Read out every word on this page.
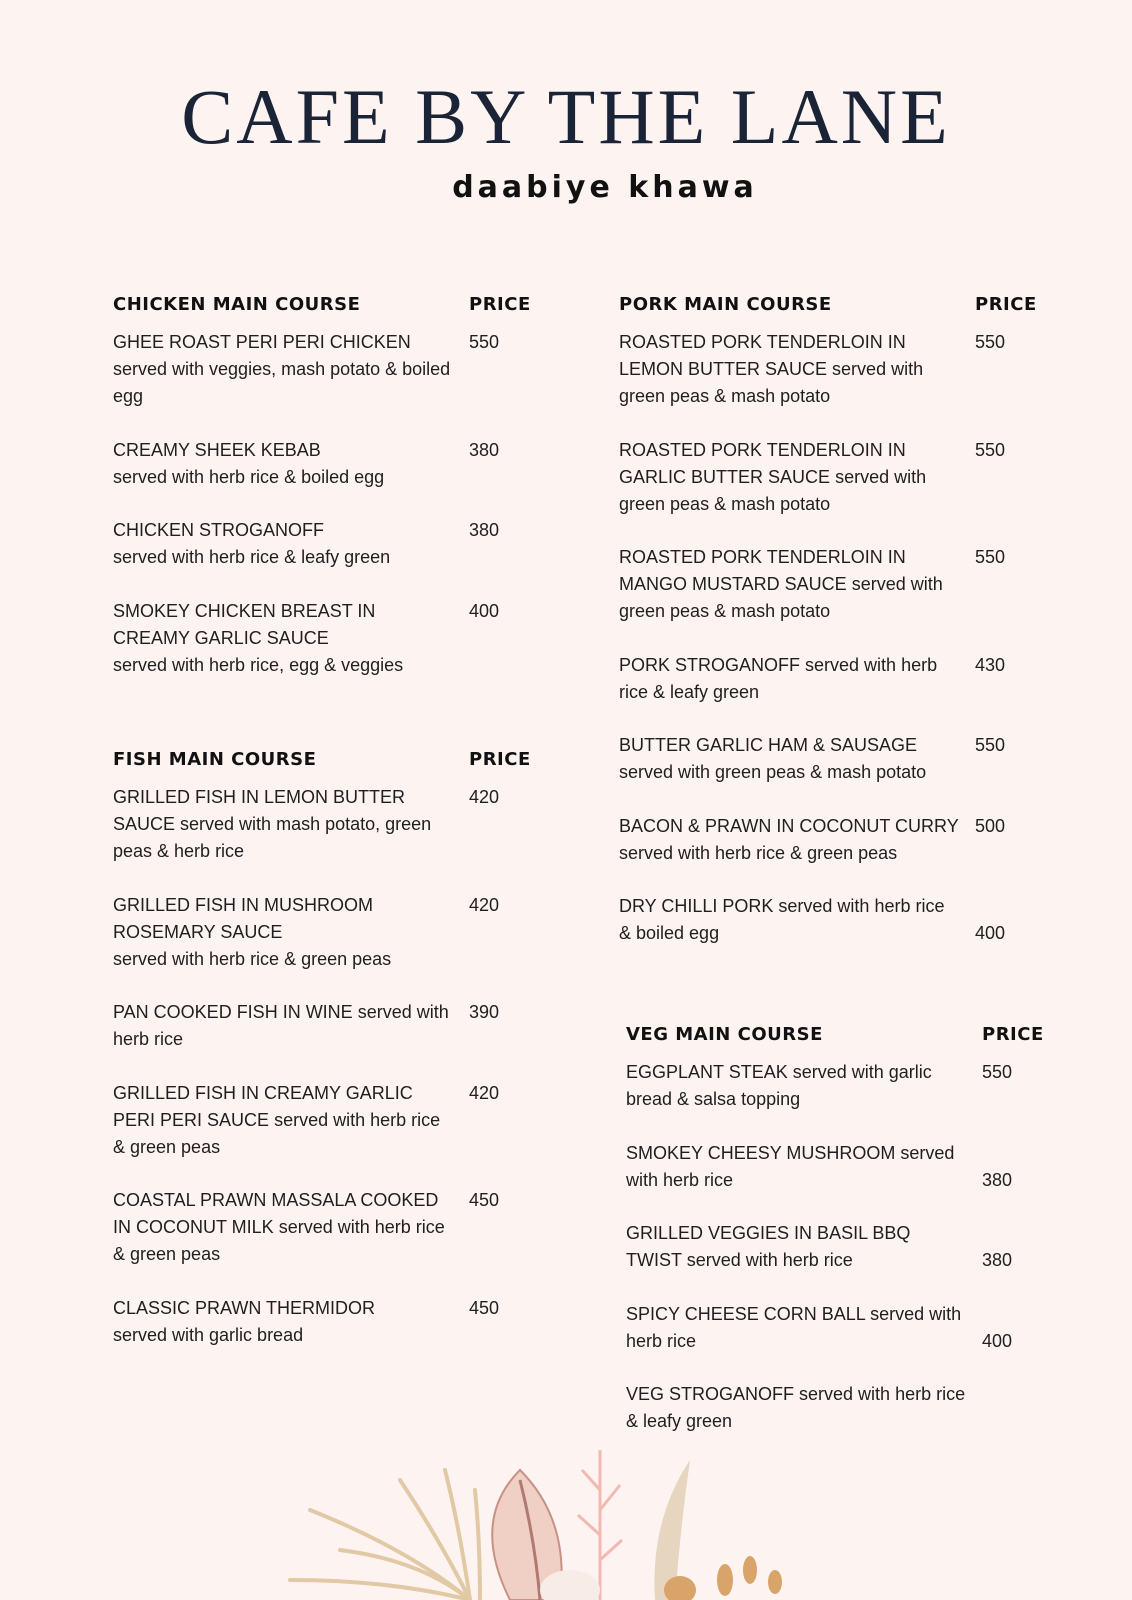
CAFE BY THE LANE
daabiye khawa
CHICKEN MAIN COURSE	PRICE
GHEE ROAST PERI PERI CHICKEN
served with veggies, mash potato & boiled egg
550
CREAMY SHEEK KEBAB
served with herb rice & boiled egg
380
CHICKEN STROGANOFF
served with herb rice & leafy green
380
SMOKEY CHICKEN BREAST IN CREAMY GARLIC SAUCE
served with herb rice, egg & veggies
400
FISH MAIN COURSE	PRICE
GRILLED FISH IN LEMON BUTTER SAUCE served with mash potato, green peas & herb rice
420
GRILLED FISH IN MUSHROOM ROSEMARY SAUCE
served with herb rice & green peas
420
PAN COOKED FISH IN WINE served with herb rice
390
GRILLED FISH IN CREAMY GARLIC PERI PERI SAUCE served with herb rice & green peas
420
COASTAL PRAWN MASSALA COOKED IN COCONUT MILK served with herb rice & green peas
450
CLASSIC PRAWN THERMIDOR
served with garlic bread
450
PORK MAIN COURSE	PRICE
ROASTED PORK TENDERLOIN IN LEMON BUTTER SAUCE served with green peas & mash potato
550
ROASTED PORK TENDERLOIN IN GARLIC BUTTER SAUCE served with green peas & mash potato
550
ROASTED PORK TENDERLOIN IN MANGO MUSTARD SAUCE served with green peas & mash potato
550
PORK STROGANOFF served with herb rice & leafy green
430
BUTTER GARLIC HAM & SAUSAGE served with green peas & mash potato
550
BACON & PRAWN IN COCONUT CURRY served with herb rice & green peas
500
DRY CHILLI PORK served with herb rice & boiled egg	400
VEG MAIN COURSE	PRICE
EGGPLANT STEAK served with garlic bread & salsa topping
550
SMOKEY CHEESY MUSHROOM served with herb rice	380
GRILLED VEGGIES IN BASIL BBQ TWIST served with herb rice	380
SPICY CHEESE CORN BALL served with herb rice	400
VEG STROGANOFF served with herb rice & leafy green
